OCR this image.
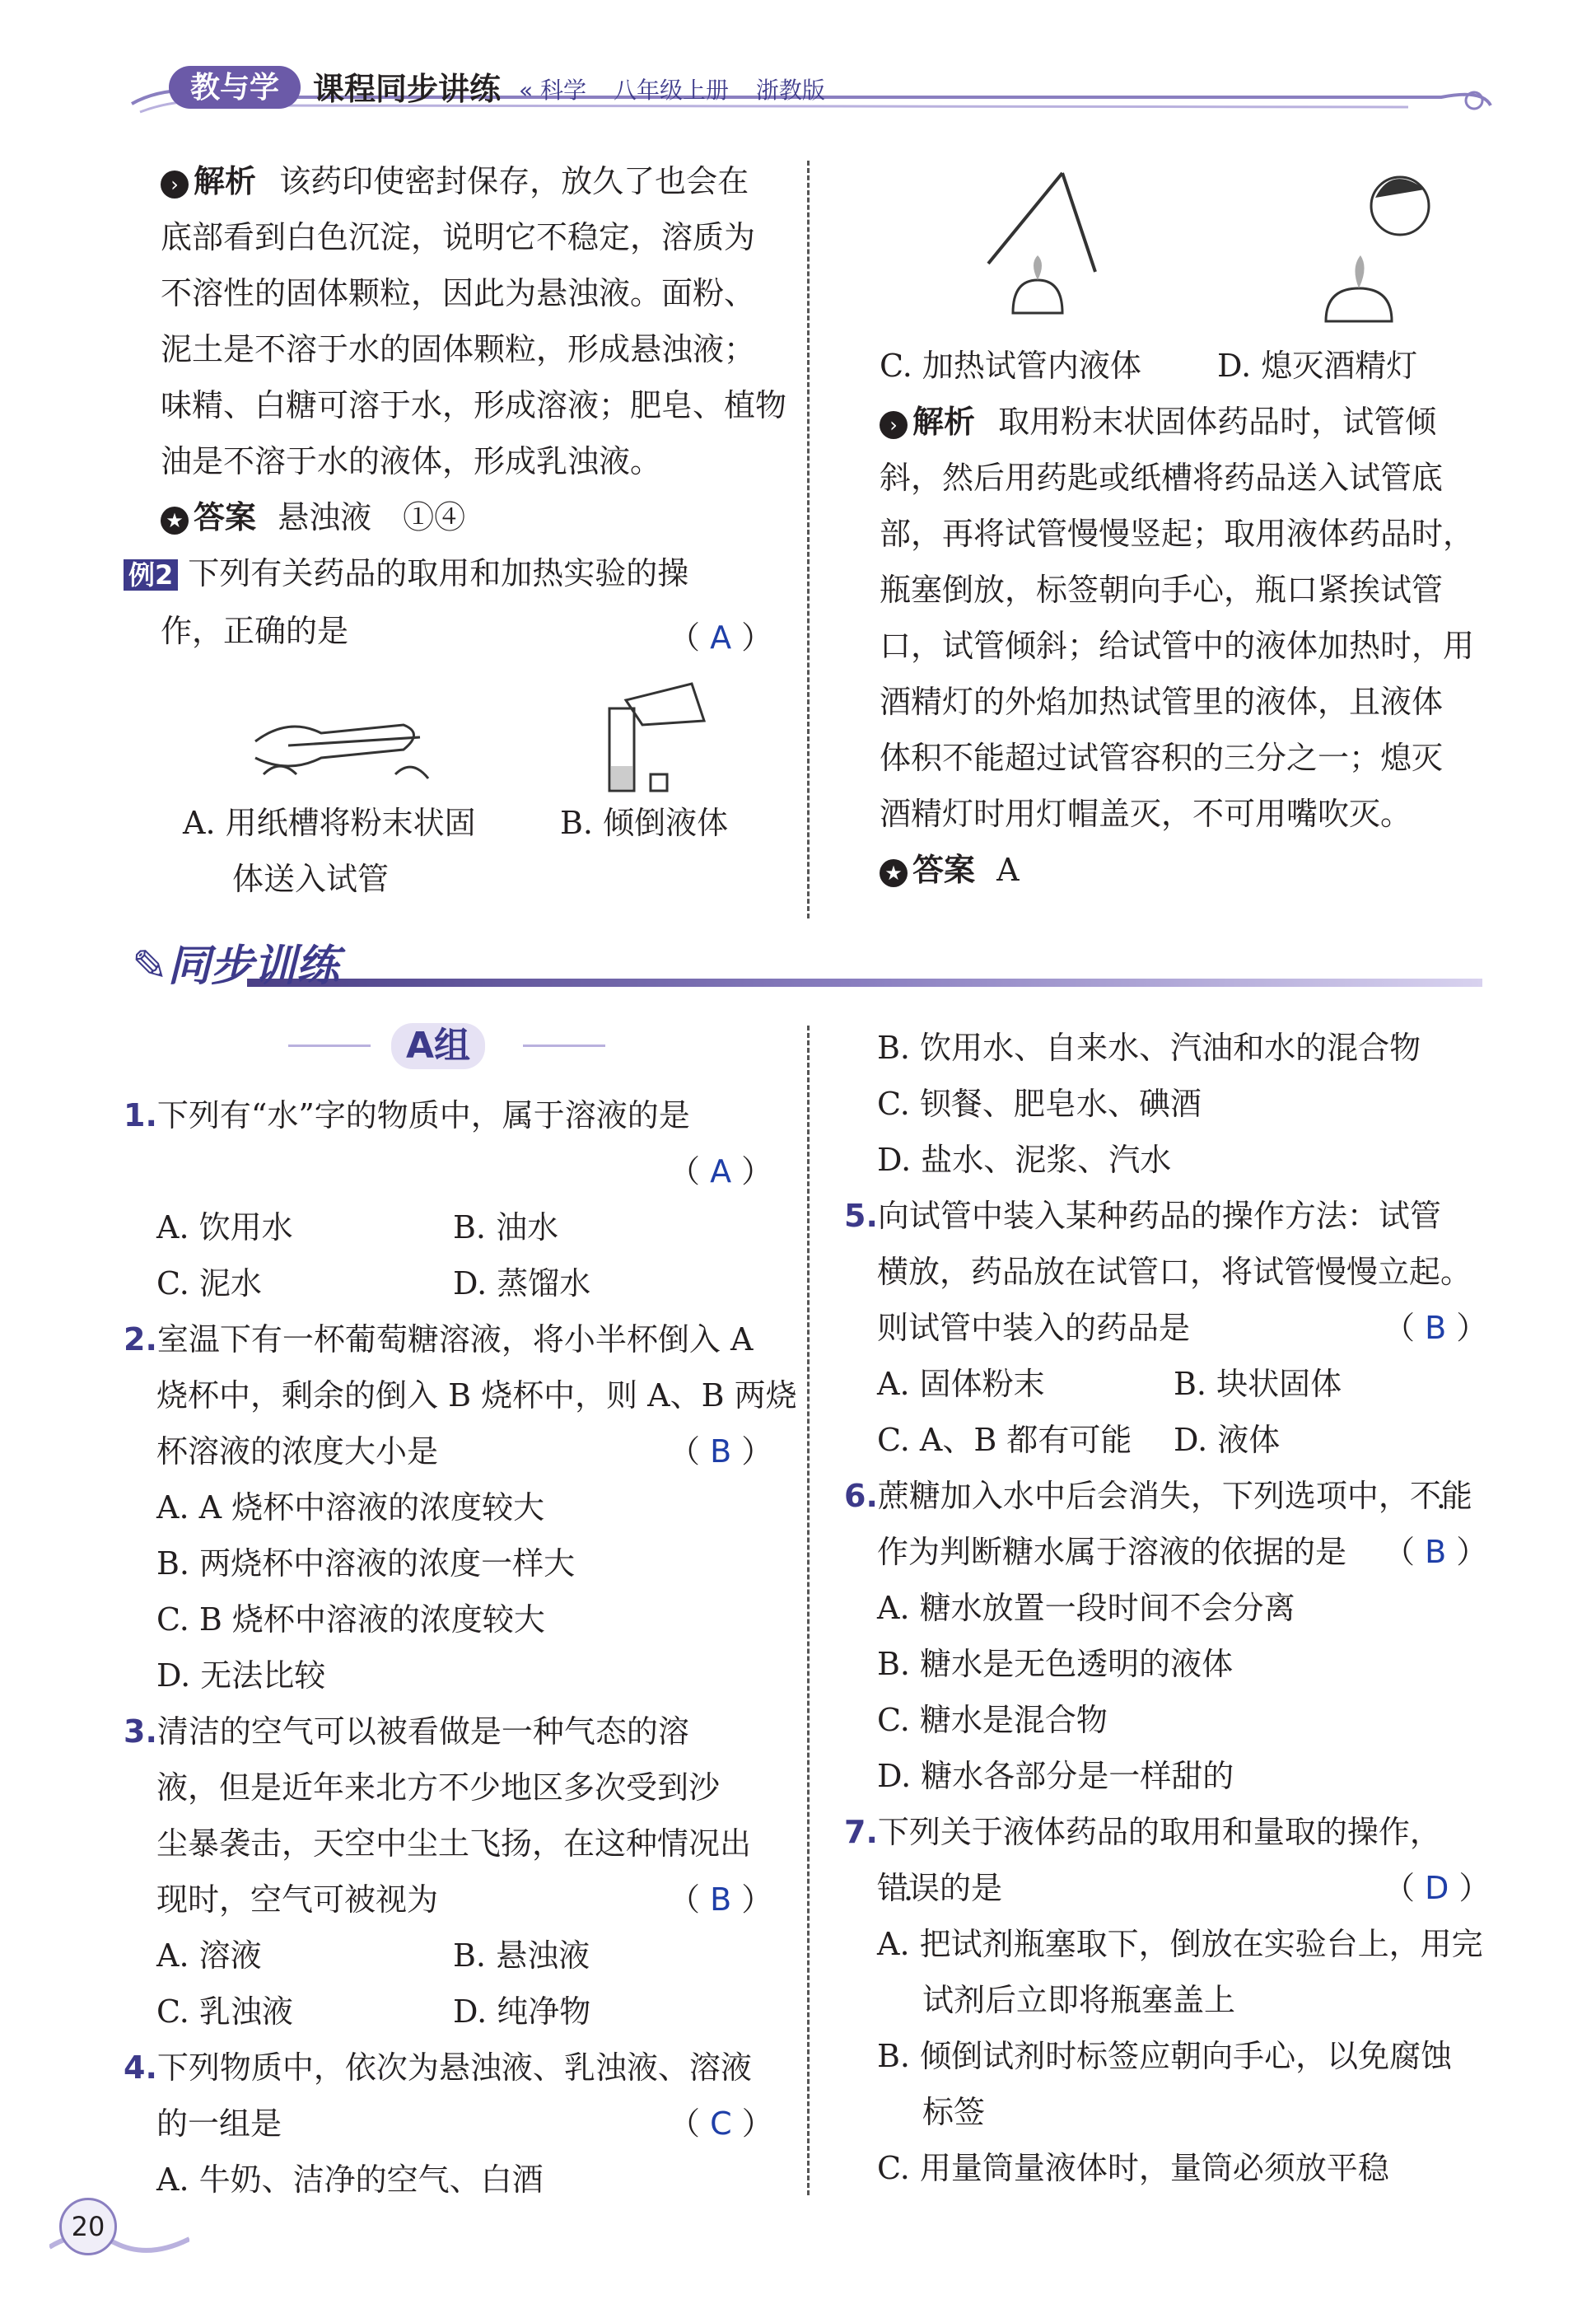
教与学	课程同步讲练 « 科学 八年级上册 浙教版
› 解析 该药印使密封保存，放久了也会在
底部看到白色沉淀，说明它不稳定，溶质为
不溶性的固体颗粒，因此为悬浊液。面粉、
泥土是不溶于水的固体颗粒，形成悬浊液；
味精、白糖可溶于水，形成溶液；肥皂、植物
油是不溶于水的液体，形成乳浊液。
★ 答案 悬浊液　①④
例2 下列有关药品的取用和加热实验的操
作，正确的是	（ A ）
A. 用纸槽将粉末状固
体送入试管
B. 倾倒液体
C. 加热试管内液体 D. 熄灭酒精灯
› 解析 取用粉末状固体药品时，试管倾
斜，然后用药匙或纸槽将药品送入试管底
部，再将试管慢慢竖起；取用液体药品时，
瓶塞倒放，标签朝向手心，瓶口紧挨试管
口，试管倾斜；给试管中的液体加热时，用
酒精灯的外焰加热试管里的液体，且液体
体积不能超过试管容积的三分之一；熄灭
酒精灯时用灯帽盖灭，不可用嘴吹灭。
★ 答案 A
✎同步训练
A组
1.下列有“水”字的物质中，属于溶液的是
A. 饮用水	B. 油水
C. 泥水	D. 蒸馏水
2.室温下有一杯葡萄糖溶液，将小半杯倒入 A
烧杯中，剩余的倒入 B 烧杯中，则 A、B 两烧
杯溶液的浓度大小是
A. A 烧杯中溶液的浓度较大
B. 两烧杯中溶液的浓度一样大
C. B 烧杯中溶液的浓度较大
D. 无法比较
3.清洁的空气可以被看做是一种气态的溶
液，但是近年来北方不少地区多次受到沙
尘暴袭击，天空中尘土飞扬，在这种情况出
现时，空气可被视为
A. 溶液	B. 悬浊液
C. 乳浊液	D. 纯净物
4.下列物质中，依次为悬浊液、乳浊液、溶液
的一组是
A. 牛奶、洁净的空气、白酒
（ A ）
（ B ）
（ B ）
（ C ）
B. 饮用水、自来水、汽油和水的混合物
C. 钡餐、肥皂水、碘酒
D. 盐水、泥浆、汽水
5.向试管中装入某种药品的操作方法：试管
横放，药品放在试管口，将试管慢慢立起。
则试管中装入的药品是
A. 固体粉末	B. 块状固体
C. A、B 都有可能 D. 液体
6.蔗糖加入水中后会消失，下列选项中，不能
作为判断糖水属于溶液的依据的是
A. 糖水放置一段时间不会分离
B. 糖水是无色透明的液体
C. 糖水是混合物
D. 糖水各部分是一样甜的
7.下列关于液体药品的取用和量取的操作，
错误的是
A. 把试剂瓶塞取下，倒放在实验台上，用完
试剂后立即将瓶塞盖上
B. 倾倒试剂时标签应朝向手心，以免腐蚀
标签
C. 用量筒量液体时，量筒必须放平稳
（ B ）
（ B ）
（ D ）
20
